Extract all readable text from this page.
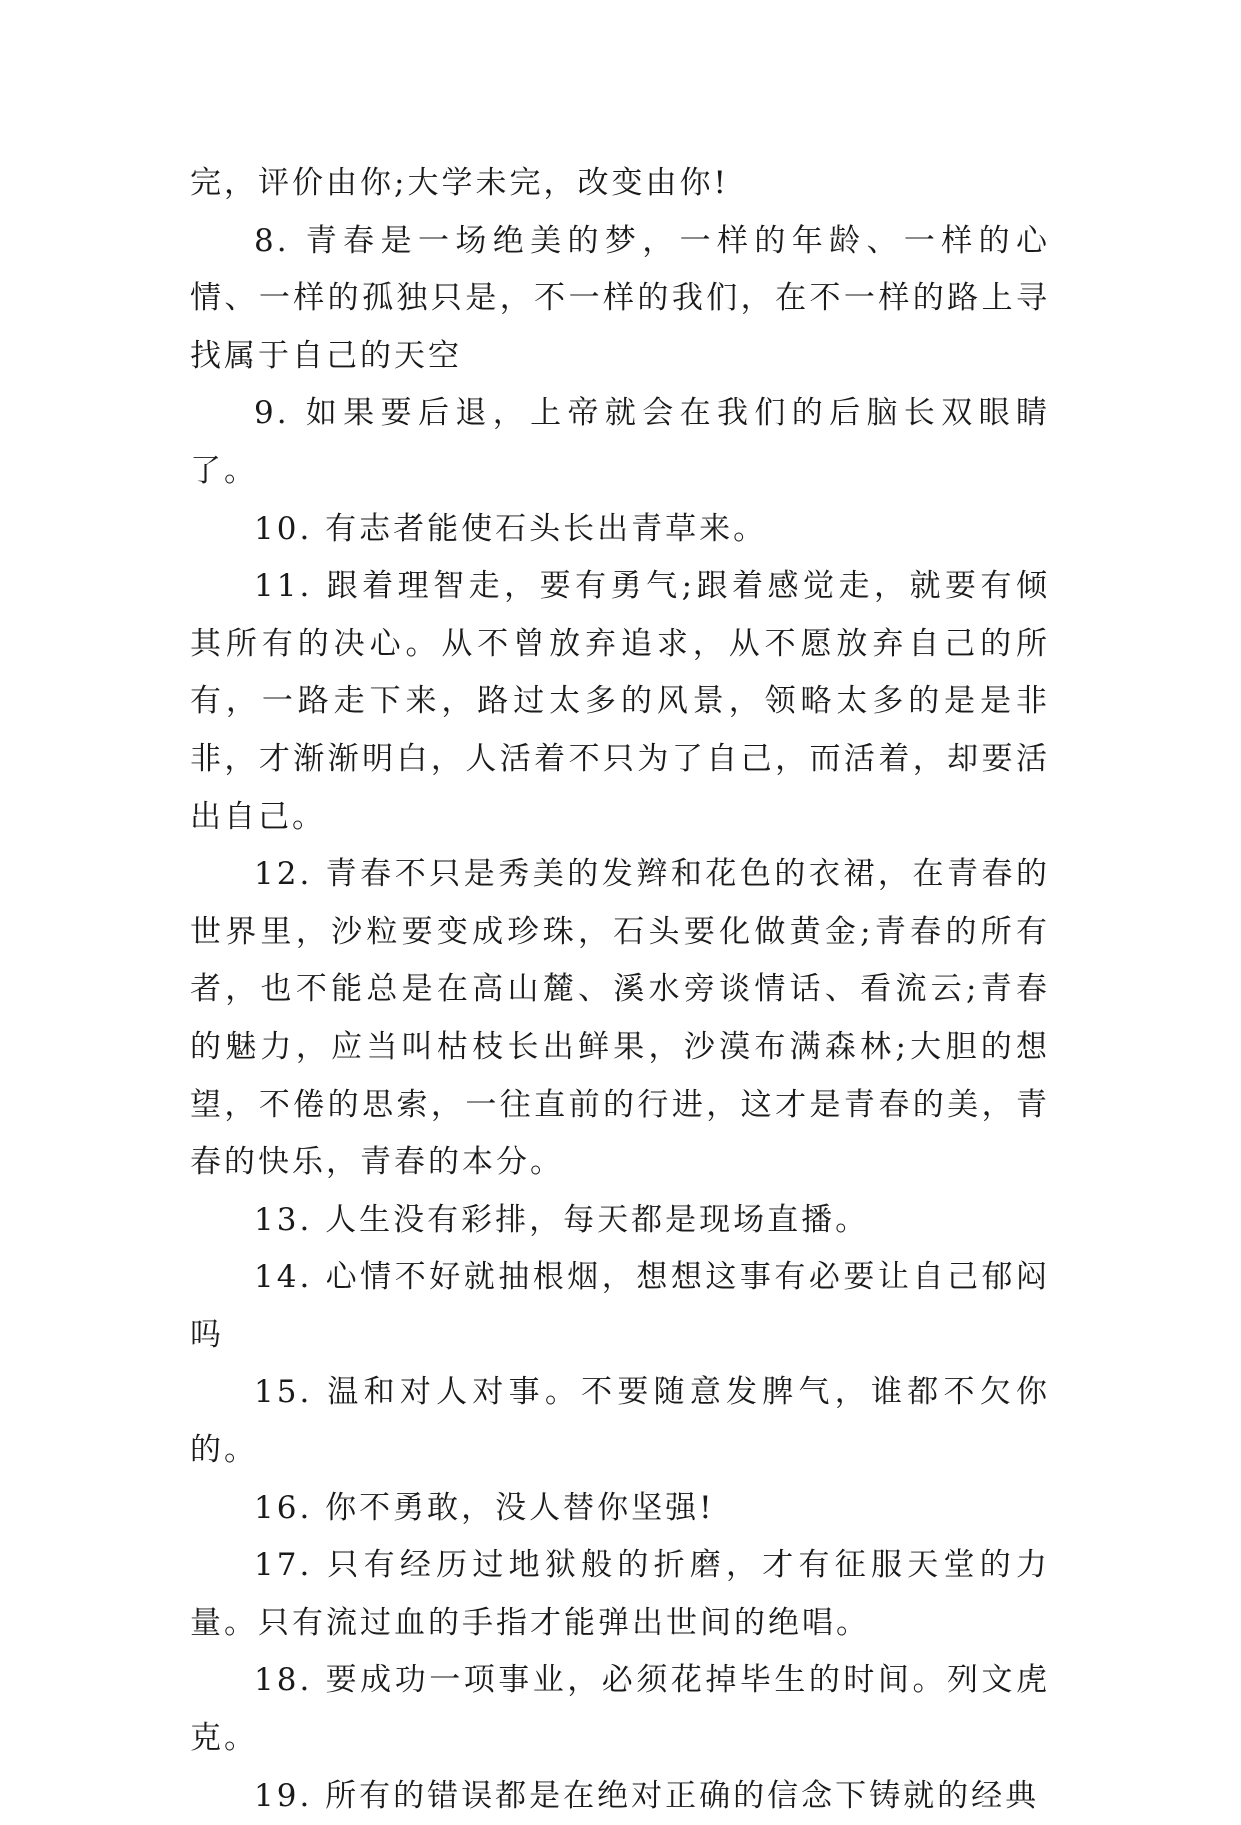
完，评价由你;大学未完，改变由你!

8. 青春是一场绝美的梦，一样的年龄、一样的心情、一样的孤独只是，不一样的我们，在不一样的路上寻找属于自己的天空

9. 如果要后退，上帝就会在我们的后脑长双眼睛了。

10. 有志者能使石头长出青草来。

11. 跟着理智走，要有勇气;跟着感觉走，就要有倾其所有的决心。从不曾放弃追求，从不愿放弃自己的所有，一路走下来，路过太多的风景，领略太多的是是非非，才渐渐明白，人活着不只为了自己，而活着，却要活出自己。

12. 青春不只是秀美的发辫和花色的衣裙，在青春的世界里，沙粒要变成珍珠，石头要化做黄金;青春的所有者，也不能总是在高山麓、溪水旁谈情话、看流云;青春的魅力，应当叫枯枝长出鲜果，沙漠布满森林;大胆的想望，不倦的思索，一往直前的行进，这才是青春的美，青春的快乐，青春的本分。

13. 人生没有彩排，每天都是现场直播。

14. 心情不好就抽根烟，想想这事有必要让自己郁闷吗

15. 温和对人对事。不要随意发脾气，谁都不欠你的。

16. 你不勇敢，没人替你坚强!

17. 只有经历过地狱般的折磨，才有征服天堂的力量。只有流过血的手指才能弹出世间的绝唱。

18. 要成功一项事业，必须花掉毕生的时间。列文虎克。

19. 所有的错误都是在绝对正确的信念下铸就的经典
